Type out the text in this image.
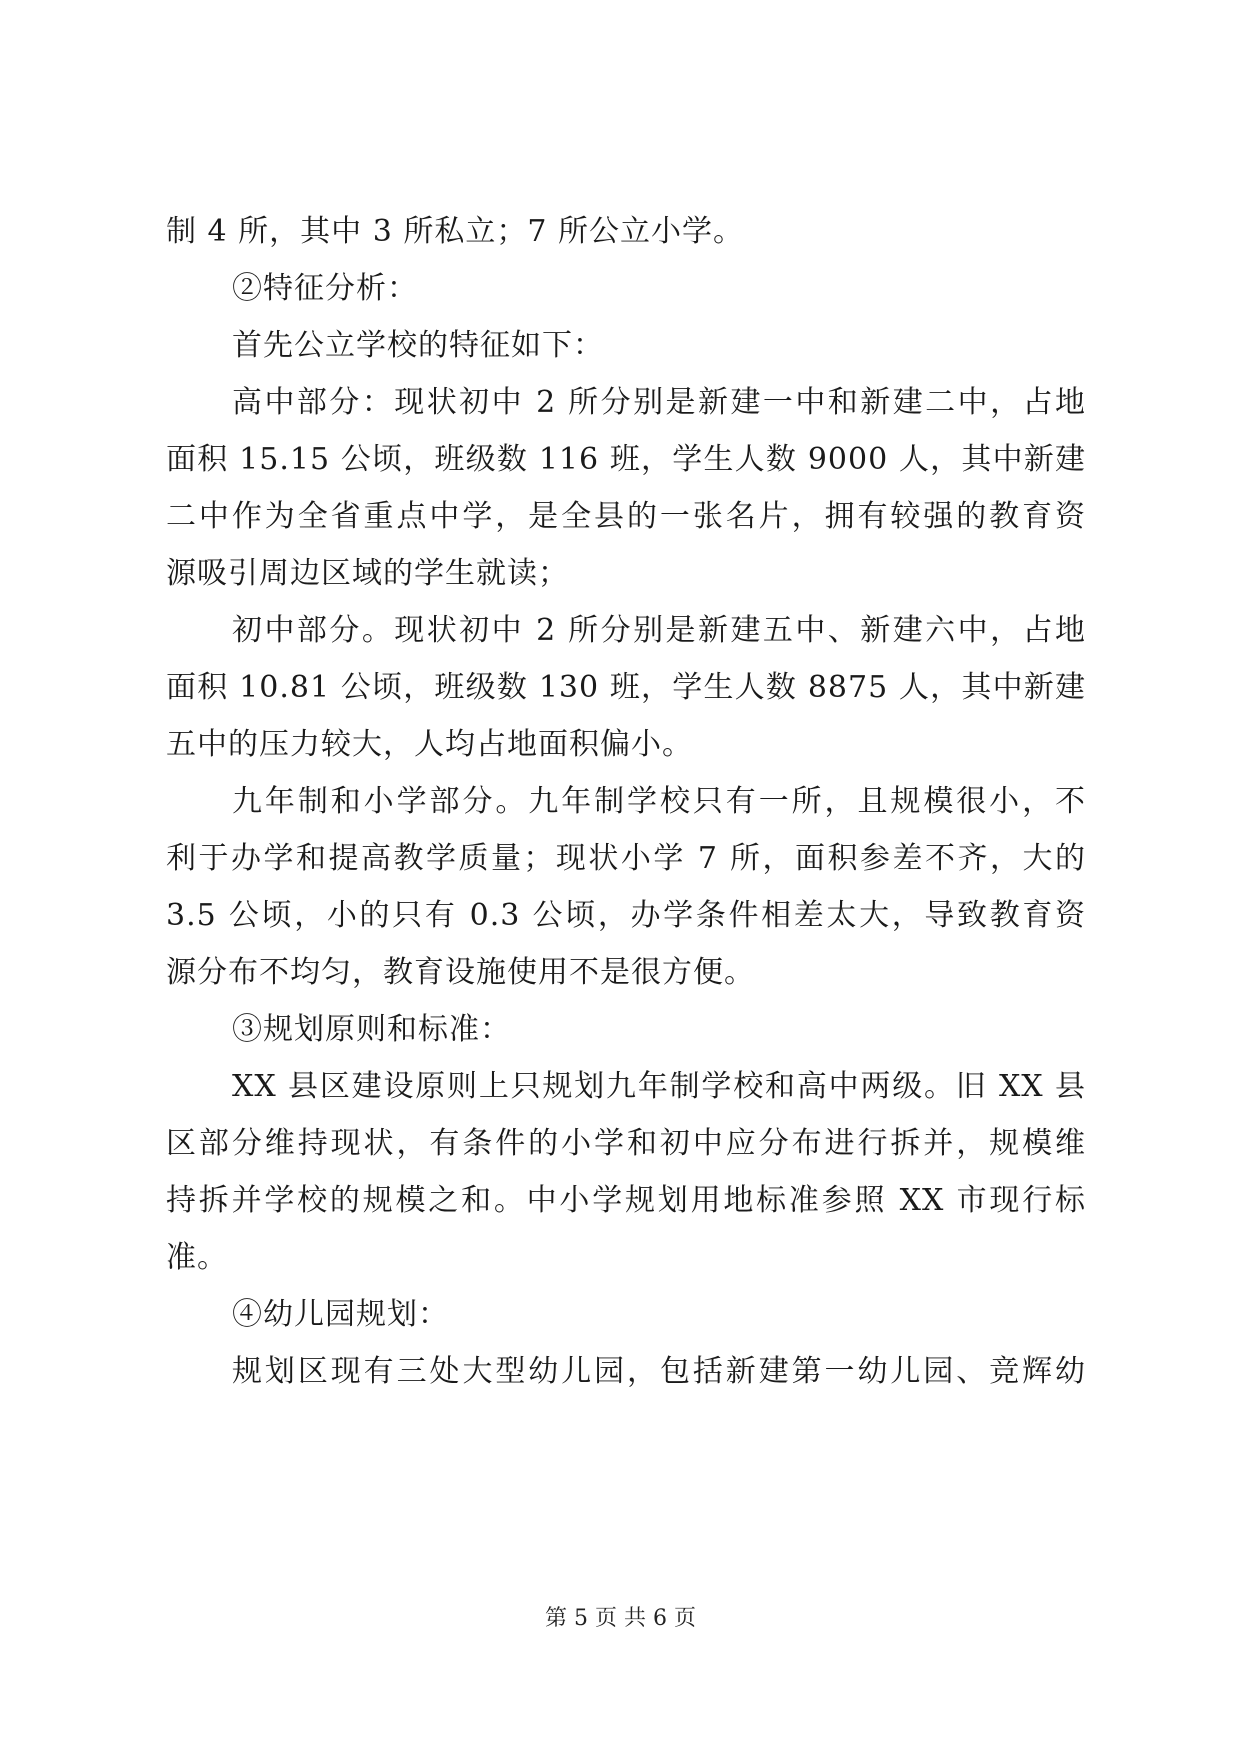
制 4 所，其中 3 所私立；7 所公立小学。
②特征分析：
首先公立学校的特征如下：
高中部分：现状初中 2 所分别是新建一中和新建二中，占地
面积 15.15 公顷，班级数 116 班，学生人数 9000 人，其中新建
二中作为全省重点中学，是全县的一张名片，拥有较强的教育资
源吸引周边区域的学生就读；
初中部分。现状初中 2 所分别是新建五中、新建六中，占地
面积 10.81 公顷，班级数 130 班，学生人数 8875 人，其中新建
五中的压力较大，人均占地面积偏小。
九年制和小学部分。九年制学校只有一所，且规模很小，不
利于办学和提高教学质量；现状小学 7 所，面积参差不齐，大的
3.5 公顷，小的只有 0.3 公顷，办学条件相差太大，导致教育资
源分布不均匀，教育设施使用不是很方便。
③规划原则和标准：
XX 县区建设原则上只规划九年制学校和高中两级。旧 XX 县
区部分维持现状，有条件的小学和初中应分布进行拆并，规模维
持拆并学校的规模之和。中小学规划用地标准参照 XX 市现行标
准。
④幼儿园规划：
规划区现有三处大型幼儿园，包括新建第一幼儿园、竞辉幼
第 5 页 共 6 页
